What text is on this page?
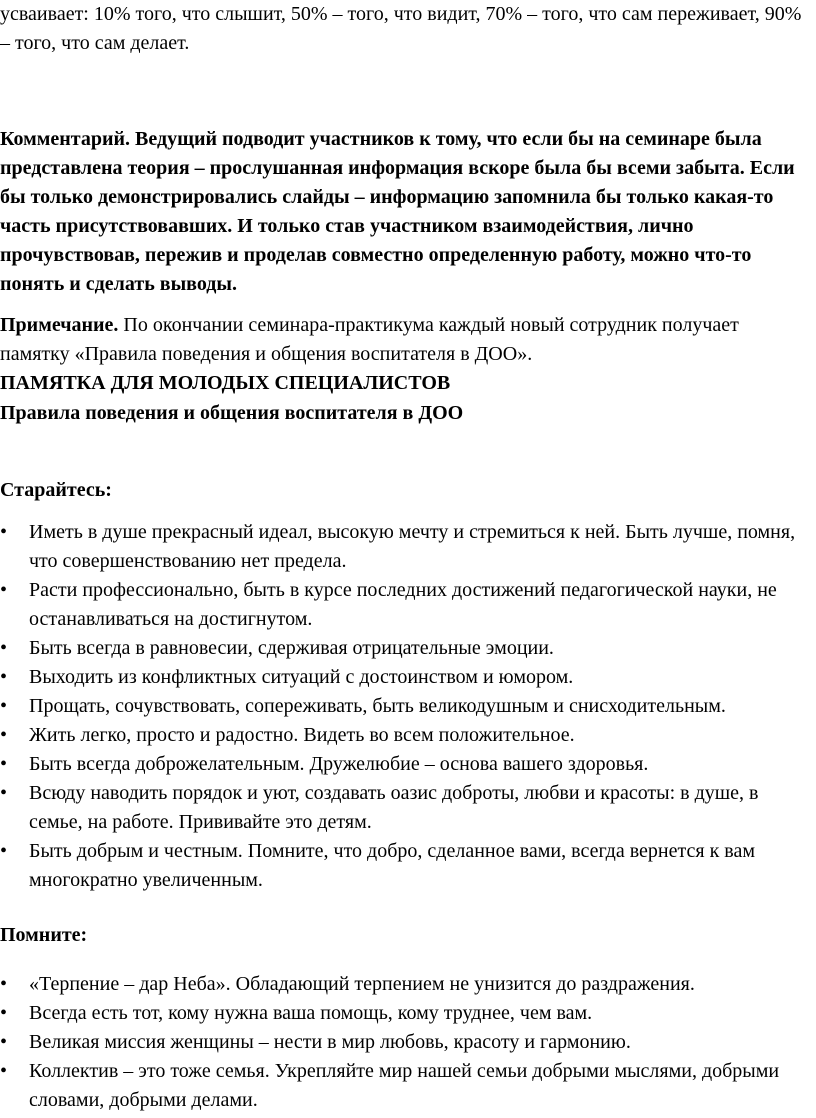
усваивает: 10% того, что слышит, 50% – того, что видит, 70% – того, что сам переживает, 90% – того, что сам делает.

Комментарий. Ведущий подводит участников к тому, что если бы на семинаре была представлена теория – прослушанная информация вскоре была бы всеми забыта. Если бы только демонстрировались слайды – информацию запомнила бы только какая-то часть присутствовавших. И только став участником взаимодействия, лично прочувствовав, пережив и проделав совместно определенную работу, можно что-то понять и сделать выводы.

Примечание. По окончании семинара-практикума каждый новый сотрудник получает памятку «Правила поведения и общения воспитателя в ДОО».

ПАМЯТКА ДЛЯ МОЛОДЫХ СПЕЦИАЛИСТОВ

Правила поведения и общения воспитателя в ДОО

Старайтесь:

• Иметь в душе прекрасный идеал, высокую мечту и стремиться к ней. Быть лучше, помня, что совершенствованию нет предела.

• Расти профессионально, быть в курсе последних достижений педагогической науки, не останавливаться на достигнутом.

• Быть всегда в равновесии, сдерживая отрицательные эмоции.

• Выходить из конфликтных ситуаций с достоинством и юмором.

• Прощать, сочувствовать, сопереживать, быть великодушным и снисходительным.

• Жить легко, просто и радостно. Видеть во всем положительное.

• Быть всегда доброжелательным. Дружелюбие – основа вашего здоровья.

• Всюду наводить порядок и уют, создавать оазис доброты, любви и красоты: в душе, в семье, на работе. Прививайте это детям.

• Быть добрым и честным. Помните, что добро, сделанное вами, всегда вернется к вам многократно увеличенным.

Помните:

• «Терпение – дар Неба». Обладающий терпением не унизится до раздражения.

• Всегда есть тот, кому нужна ваша помощь, кому труднее, чем вам.

• Великая миссия женщины – нести в мир любовь, красоту и гармонию.

• Коллектив – это тоже семья. Укрепляйте мир нашей семьи добрыми мыслями, добрыми словами, добрыми делами.
